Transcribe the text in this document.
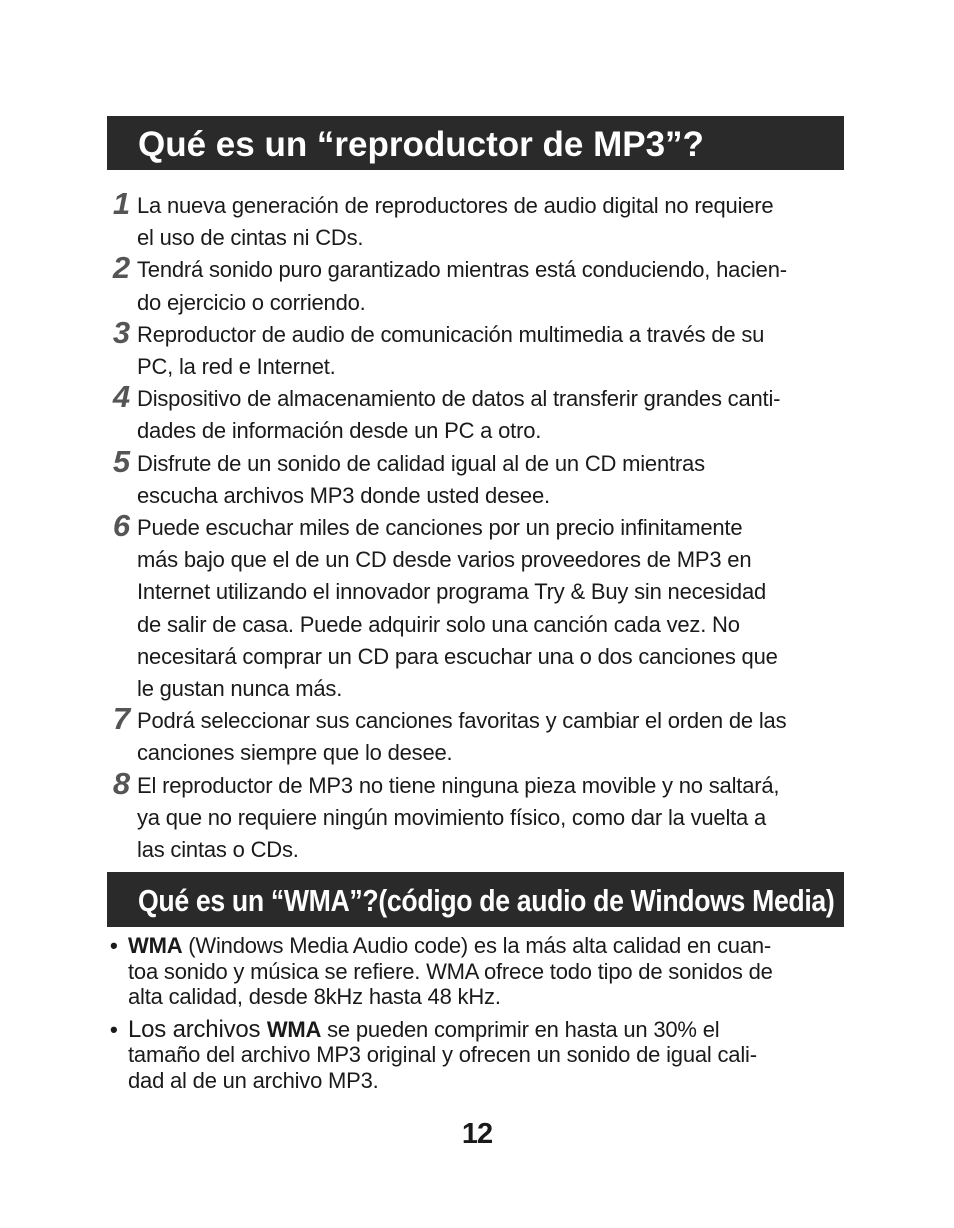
Qué es un “reproductor de MP3”?
1 La nueva generación de reproductores de audio digital no requiere
el uso de cintas ni CDs.
2 Tendrá sonido puro garantizado mientras está conduciendo, hacien-
do ejercicio o corriendo.
3 Reproductor de audio de comunicación multimedia a través de su
PC, la red e Internet.
4 Dispositivo de almacenamiento de datos al transferir grandes canti-
dades de información desde un PC a otro.
5 Disfrute de un sonido de calidad igual al de un CD mientras
escucha archivos MP3 donde usted desee.
6 Puede escuchar miles de canciones por un precio infinitamente
más bajo que el de un CD desde varios proveedores de MP3 en
Internet utilizando el innovador programa Try & Buy sin necesidad
de salir de casa. Puede adquirir solo una canción cada vez. No
necesitará comprar un CD para escuchar una o dos canciones que
le gustan nunca más.
7 Podrá seleccionar sus canciones favoritas y cambiar el orden de las
canciones siempre que lo desee.
8 El reproductor de MP3 no tiene ninguna pieza movible y no saltará,
ya que no requiere ningún movimiento físico, como dar la vuelta a
las cintas o CDs.
Qué es un “WMA”?(código de audio de Windows Media)
• WMA (Windows Media Audio code) es la más alta calidad en cuan-
toa sonido y música se refiere. WMA ofrece todo tipo de sonidos de
alta calidad, desde 8kHz hasta 48 kHz.
• Los archivos WMA se pueden comprimir en hasta un 30% el
tamaño del archivo MP3 original y ofrecen un sonido de igual cali-
dad al de un archivo MP3.
12
